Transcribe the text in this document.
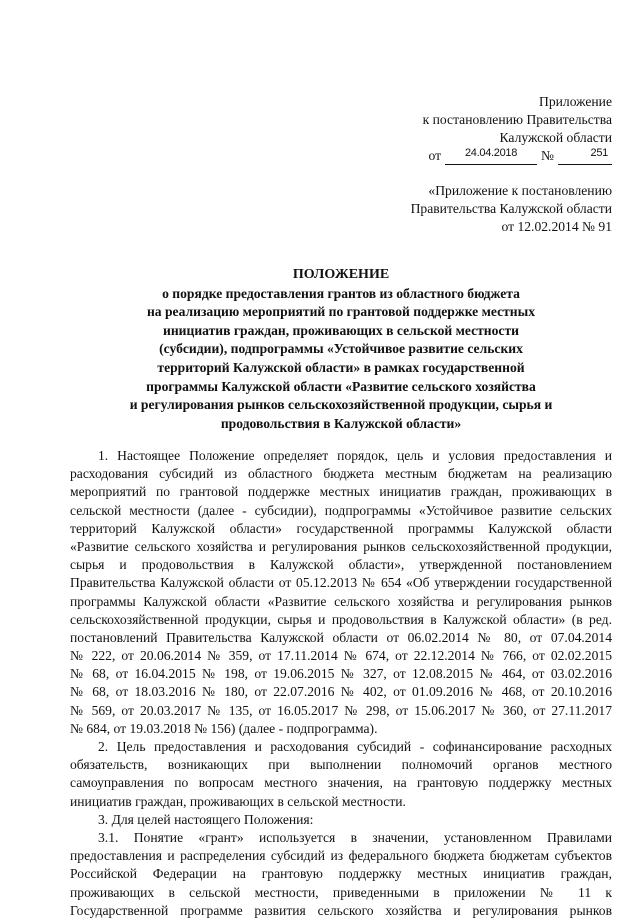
Приложение
к постановлению Правительства
Калужской области
от	24.04.2018	№	251
«Приложение к постановлению
Правительства Калужской области
от 12.02.2014 № 91
ПОЛОЖЕНИЕ
о порядке предоставления грантов из областного бюджета
на реализацию мероприятий по грантовой поддержке местных
инициатив граждан, проживающих в сельской местности
(субсидии), подпрограммы «Устойчивое развитие сельских
территорий Калужской области» в рамках государственной
программы Калужской области «Развитие сельского хозяйства
и регулирования рынков сельскохозяйственной продукции, сырья и
продовольствия в Калужской области»
1. Настоящее Положение определяет порядок, цель и условия предоставления и
расходования субсидий из областного бюджета местным бюджетам на реализацию
мероприятий по грантовой поддержке местных инициатив граждан, проживающих в
сельской местности (далее - субсидии), подпрограммы «Устойчивое развитие сельских
территорий Калужской области» государственной программы Калужской области
«Развитие сельского хозяйства и регулирования рынков сельскохозяйственной продукции,
сырья и продовольствия в Калужской области», утвержденной постановлением
Правительства Калужской области от 05.12.2013 № 654 «Об утверждении государственной
программы Калужской области «Развитие сельского хозяйства и регулирования рынков
сельскохозяйственной продукции, сырья и продовольствия в Калужской области» (в ред.
постановлений Правительства Калужской области от 06.02.2014 № 80, от 07.04.2014
№ 222, от 20.06.2014 № 359, от 17.11.2014 № 674, от 22.12.2014 № 766, от 02.02.2015
№ 68, от 16.04.2015 № 198, от 19.06.2015 № 327, от 12.08.2015 № 464, от 03.02.2016
№ 68, от 18.03.2016 № 180, от 22.07.2016 № 402, от 01.09.2016 № 468, от 20.10.2016
№ 569, от 20.03.2017 № 135, от 16.05.2017 № 298, от 15.06.2017 № 360, от 27.11.2017
№ 684, от 19.03.2018 № 156) (далее - подпрограмма).
2. Цель предоставления и расходования субсидий - софинансирование расходных
обязательств, возникающих при выполнении полномочий органов местного
самоуправления по вопросам местного значения, на грантовую поддержку местных
инициатив граждан, проживающих в сельской местности.
3. Для целей настоящего Положения:
3.1. Понятие «грант» используется в значении, установленном Правилами
предоставления и распределения субсидий из федерального бюджета бюджетам субъектов
Российской Федерации на грантовую поддержку местных инициатив граждан,
проживающих в сельской местности, приведенными в приложении № 11 к
Государственной программе развития сельского хозяйства и регулирования рынков
